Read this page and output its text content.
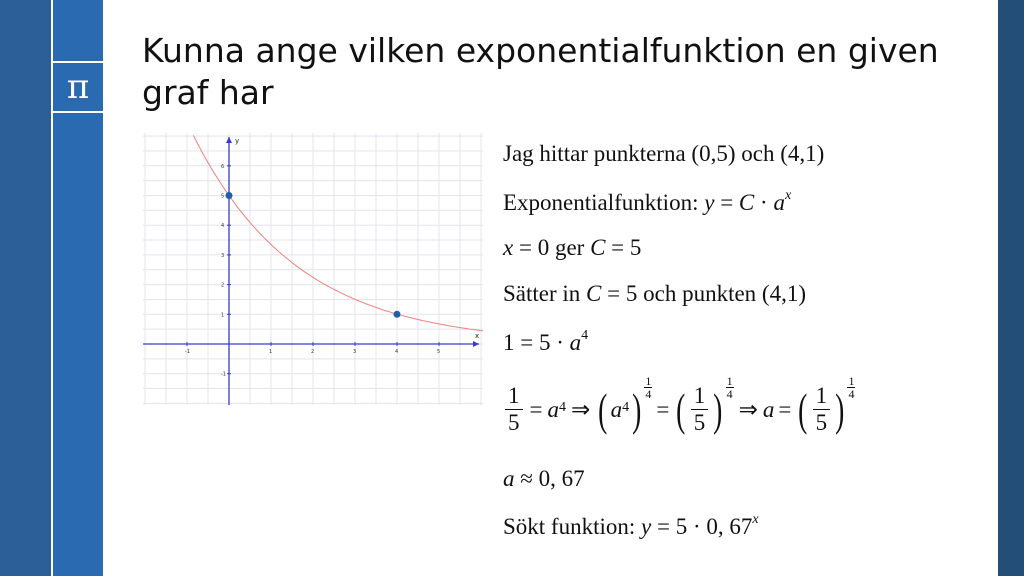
π
Kunna ange vilken exponentialfunktion en given graf har
x
y
-1	1	2	3	4	5
-1
1
2
3
4
5
6
Jag hittar punkterna (0,5) och (4,1)
Exponentialfunktion: $y = C \cdot a^x$
x = 0 ger C = 5
Sätter in C = 5 och punkten (4,1)
$1 = 5 \cdot a^4$
$\frac{1}{5} = a$ 4 ⇒ ( a 4 ) $\frac{1}{4}$
= ( $\frac{1}{5}$ ) $\frac{1}{4}$
⇒ a = ( $\frac{1}{5}$ ) $\frac{1}{4}$
a ≈ 0, 67
Sökt funktion: y = 5 · 0, 67$^x$
